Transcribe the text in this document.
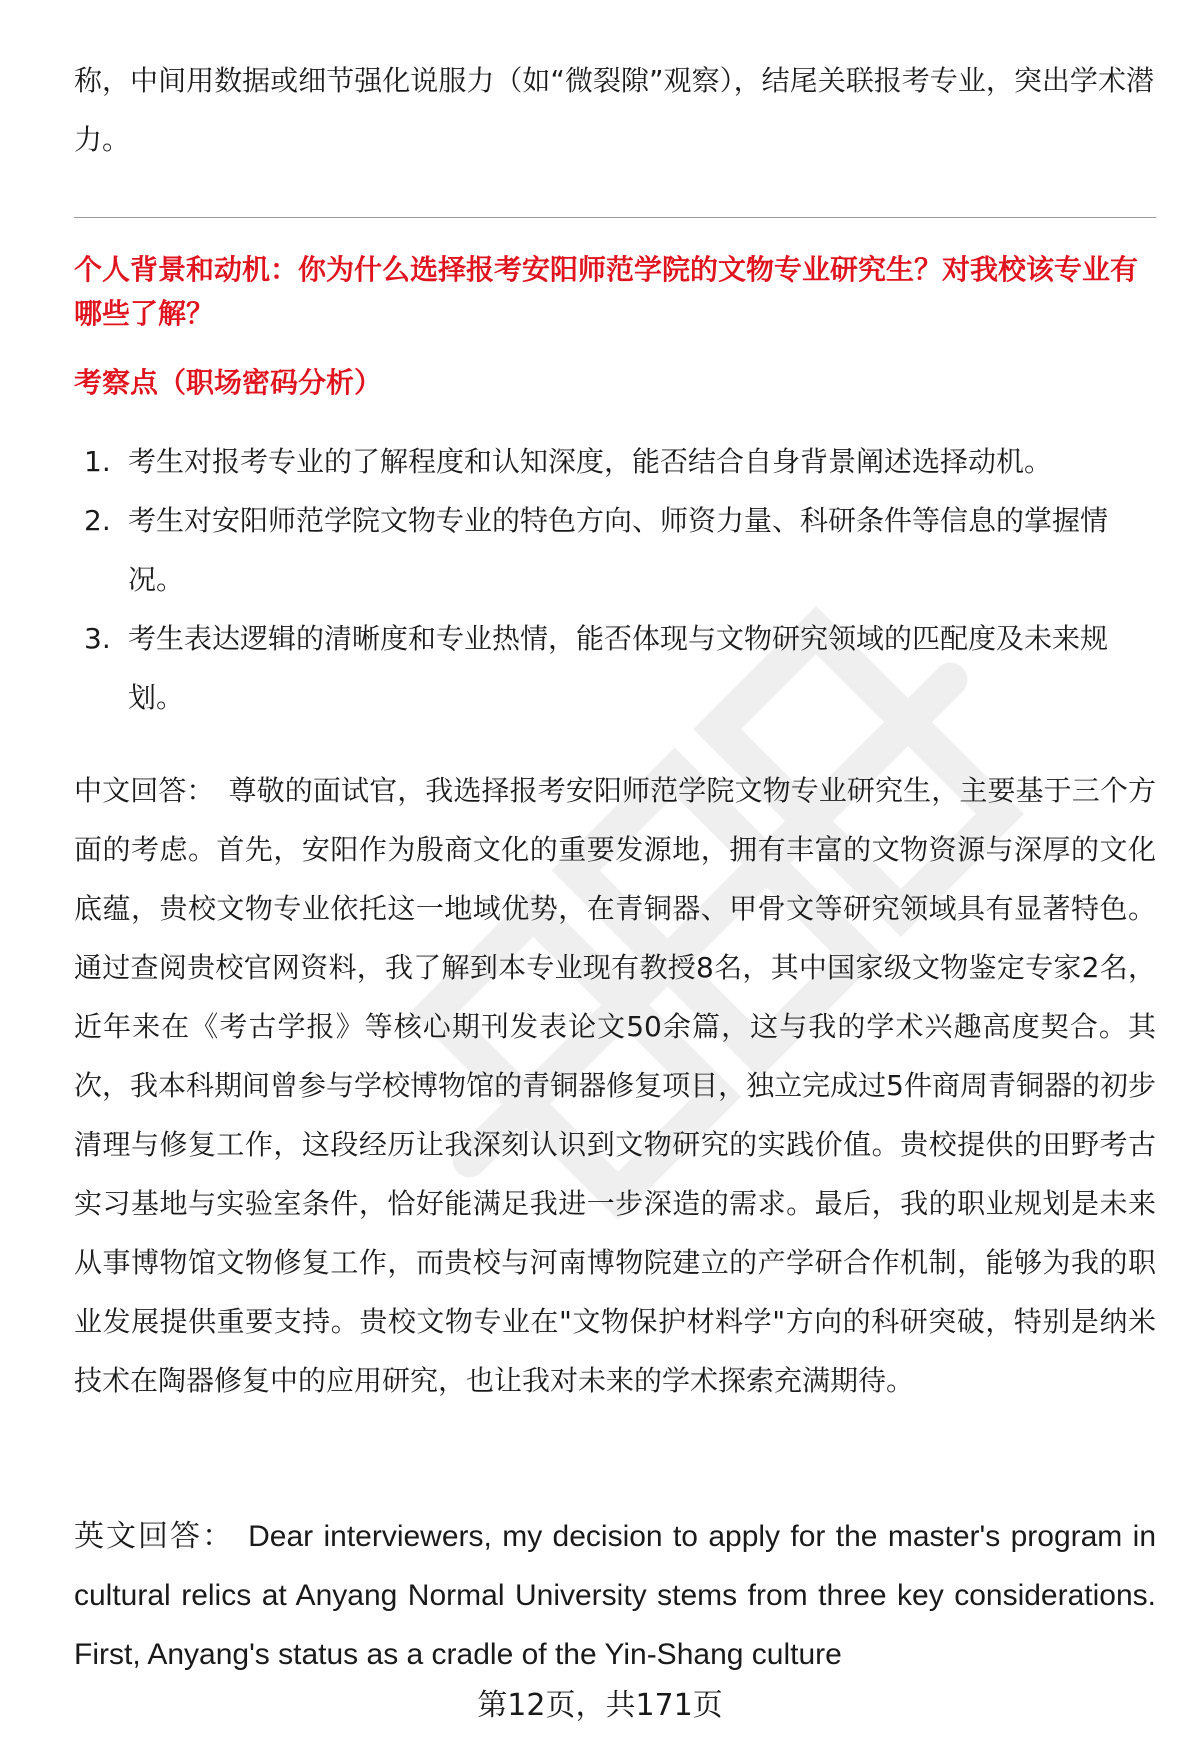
称，中间用数据或细节强化说服力（如“微裂隙”观察），结尾关联报考专业，突出学术潜力。

个人背景和动机：你为什么选择报考安阳师范学院的文物专业研究生？对我校该专业有哪些了解？

考察点（职场密码分析）

1. 考生对报考专业的了解程度和认知深度，能否结合自身背景阐述选择动机。
2. 考生对安阳师范学院文物专业的特色方向、师资力量、科研条件等信息的掌握情况。
3. 考生表达逻辑的清晰度和专业热情，能否体现与文物研究领域的匹配度及未来规划。

中文回答： 尊敬的面试官，我选择报考安阳师范学院文物专业研究生，主要基于三个方面的考虑。首先，安阳作为殷商文化的重要发源地，拥有丰富的文物资源与深厚的文化底蕴，贵校文物专业依托这一地域优势，在青铜器、甲骨文等研究领域具有显著特色。通过查阅贵校官网资料，我了解到本专业现有教授8名，其中国家级文物鉴定专家2名，近年来在《考古学报》等核心期刊发表论文50余篇，这与我的学术兴趣高度契合。其次，我本科期间曾参与学校博物馆的青铜器修复项目，独立完成过5件商周青铜器的初步清理与修复工作，这段经历让我深刻认识到文物研究的实践价值。贵校提供的田野考古实习基地与实验室条件，恰好能满足我进一步深造的需求。最后，我的职业规划是未来从事博物馆文物修复工作，而贵校与河南博物院建立的产学研合作机制，能够为我的职业发展提供重要支持。贵校文物专业在"文物保护材料学"方向的科研突破，特别是纳米技术在陶器修复中的应用研究，也让我对未来的学术探索充满期待。

英文回答： Dear interviewers, my decision to apply for the master's program in cultural relics at Anyang Normal University stems from three key considerations. First, Anyang's status as a cradle of the Yin-Shang culture

第12页，共171页
